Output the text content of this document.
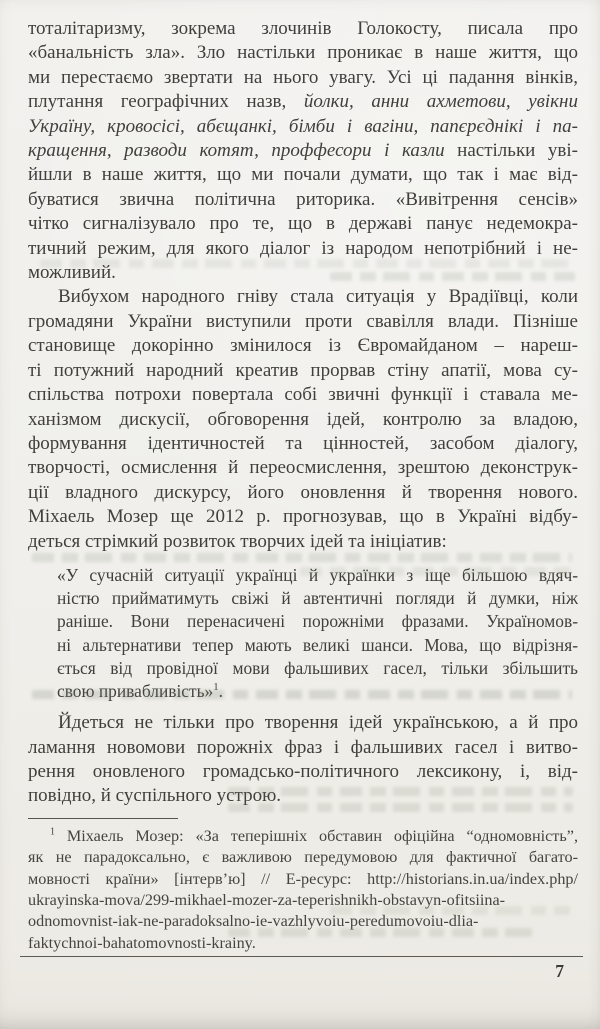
тоталітаризму, зокрема злочинів Голокосту, писала про
«банальність зла». Зло настільки проникає в наше життя, що
ми перестаємо звертати на нього увагу. Усі ці падання вінків,
плутання географічних назв, йолки, анни ахметови, увікни
Україну, кровосісі, абєщанкі, бімби і вагіни, папєрєднікі і па-
кращення, разводи котят, проффесори і казли настільки уві-
йшли в наше життя, що ми почали думати, що так і має від-
буватися звична політична риторика. «Вивітрення сенсів»
чітко сигналізувало про те, що в державі панує недемокра-
тичний режим, для якого діалог із народом непотрібний і не-
можливий.
Вибухом народного гніву стала ситуація у Врадіївці, коли
громадяни України виступили проти свавілля влади. Пізніше
становище докорінно змінилося із Євромайданом – нареш-
ті потужний народний креатив прорвав стіну апатії, мова су-
спільства потрохи повертала собі звичні функції і ставала ме-
ханізмом дискусії, обговорення ідей, контролю за владою,
формування ідентичностей та цінностей, засобом діалогу,
творчості, осмислення й переосмислення, зрештою деконструк-
ції владного дискурсу, його оновлення й творення нового.
Міхаель Мозер ще 2012 р. прогнозував, що в Україні відбу-
деться стрімкий розвиток творчих ідей та ініціатив:
«У сучасній ситуації українці й українки з іще більшою вдяч-
ністю прийматимуть свіжі й автентичні погляди й думки, ніж
раніше. Вони перенасичені порожніми фразами. Україномов-
ні альтернативи тепер мають великі шанси. Мова, що відрізня-
ється від провідної мови фальшивих гасел, тільки збільшить
свою привабливість»$^1$.
Йдеться не тільки про творення ідей українською, а й про
ламання новомови порожніх фраз і фальшивих гасел і витво-
рення оновленого громадсько-політичного лексикону, і, від-
повідно, й суспільного устрою.
$^1$ Міхаель Мозер: «За теперішніх обставин офіційна “одномовність”,
як не парадоксально, є важливою передумовою для фактичної багато-
мовності країни» [інтерв’ю] // Е-ресурс: http://historians.in.ua/index.php/
ukrayinska-mova/299-mikhael-mozer-za-teperishnikh-obstavyn-ofitsiina-
odnomovnist-iak-ne-paradoksalno-ie-vazhlyvoiu-peredumovoiu-dlia-
faktychnoi-bahatomovnosti-krainy.
7
